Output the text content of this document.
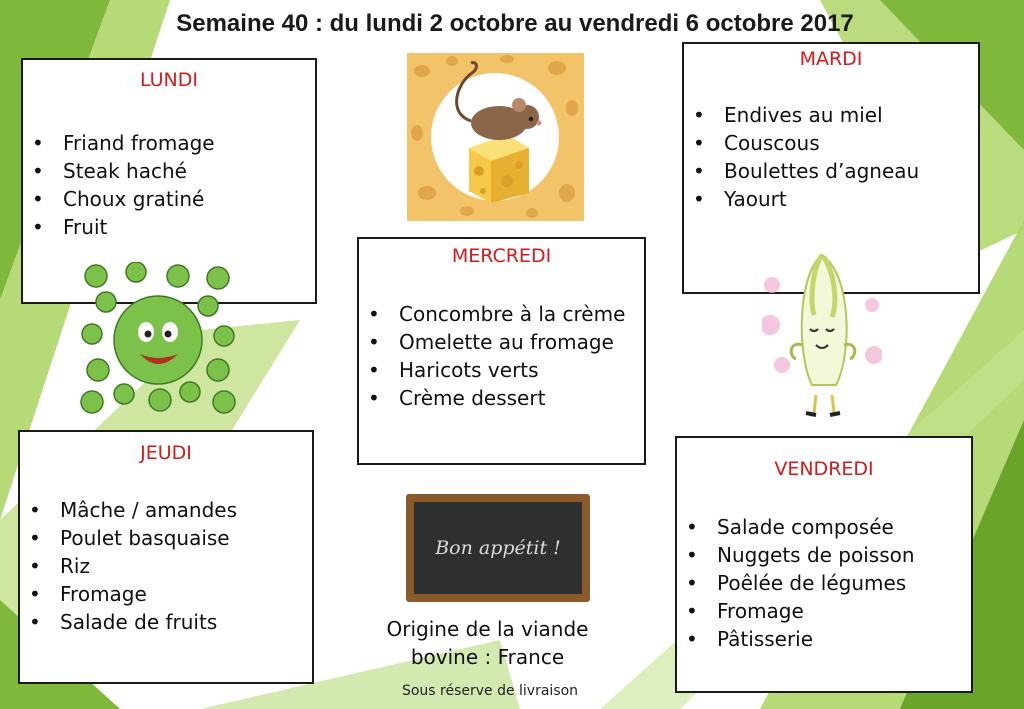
Semaine 40 : du lundi 2 octobre au vendredi 6 octobre 2017
LUNDI
• Friand fromage
• Steak haché
• Choux gratiné
• Fruit
MARDI
• Endives au miel
• Couscous
• Boulettes d’agneau
• Yaourt
MERCREDI
• Concombre à la crème
• Omelette au fromage
• Haricots verts
• Crème dessert
JEUDI
• Mâche / amandes
• Poulet basquaise
• Riz
• Fromage
• Salade de fruits
VENDREDI
• Salade composée
• Nuggets de poisson
• Poêlée de légumes
• Fromage
• Pâtisserie
Bon appétit !
Origine de la viande
bovine : France
Sous réserve de livraison
